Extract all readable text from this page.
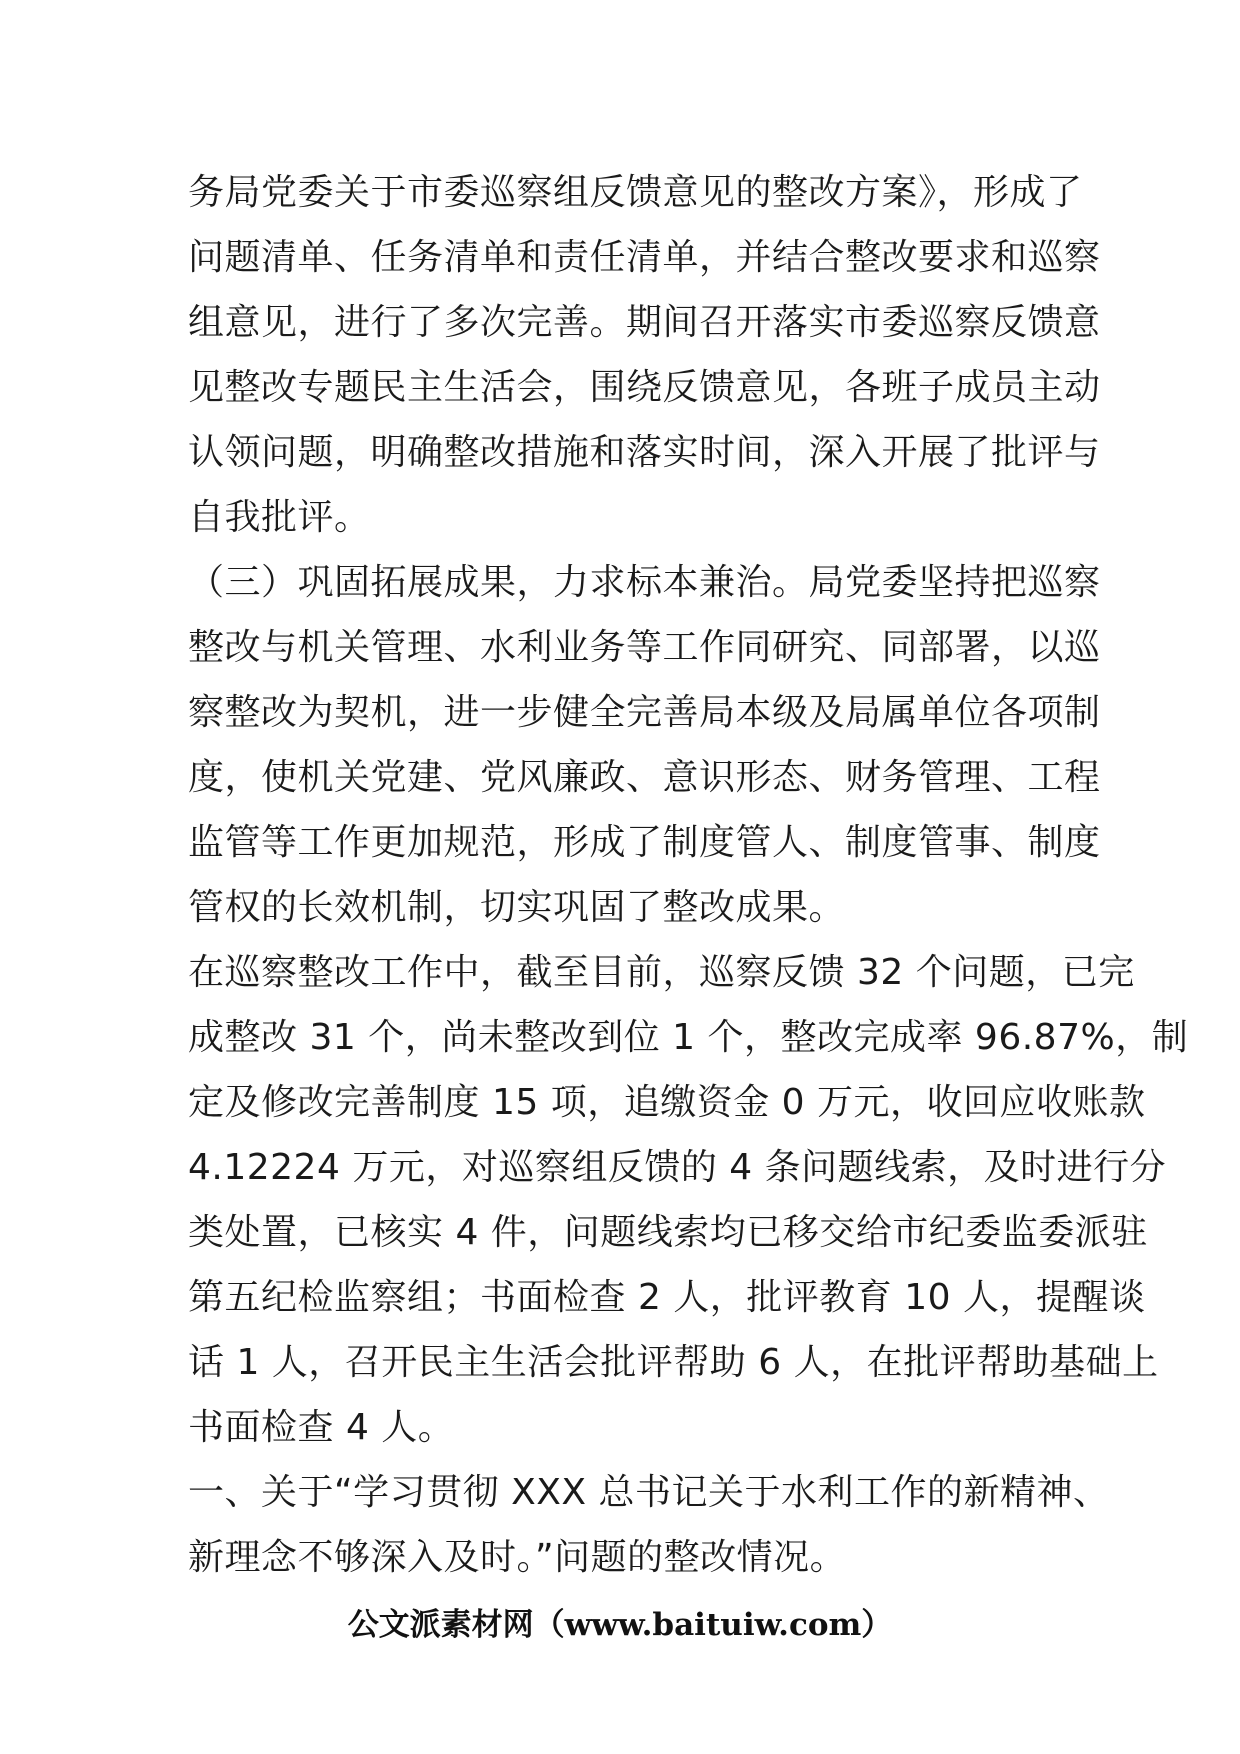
务局党委关于市委巡察组反馈意见的整改方案》，形成了
问题清单、任务清单和责任清单，并结合整改要求和巡察
组意见，进行了多次完善。期间召开落实市委巡察反馈意
见整改专题民主生活会，围绕反馈意见，各班子成员主动
认领问题，明确整改措施和落实时间，深入开展了批评与
自我批评。
（三）巩固拓展成果，力求标本兼治。局党委坚持把巡察
整改与机关管理、水利业务等工作同研究、同部署，以巡
察整改为契机，进一步健全完善局本级及局属单位各项制
度，使机关党建、党风廉政、意识形态、财务管理、工程
监管等工作更加规范，形成了制度管人、制度管事、制度
管权的长效机制，切实巩固了整改成果。
在巡察整改工作中，截至目前，巡察反馈 32 个问题，已完
成整改 31 个，尚未整改到位 1 个，整改完成率 96.87%，制
定及修改完善制度 15 项，追缴资金 0 万元，收回应收账款
4.12224 万元，对巡察组反馈的 4 条问题线索，及时进行分
类处置，已核实 4 件，问题线索均已移交给市纪委监委派驻
第五纪检监察组；书面检查 2 人，批评教育 10 人，提醒谈
话 1 人，召开民主生活会批评帮助 6 人，在批评帮助基础上
书面检查 4 人。
一、关于“学习贯彻 XXX 总书记关于水利工作的新精神、
新理念不够深入及时。”问题的整改情况。
公文派素材网（www.baituiw.com）
